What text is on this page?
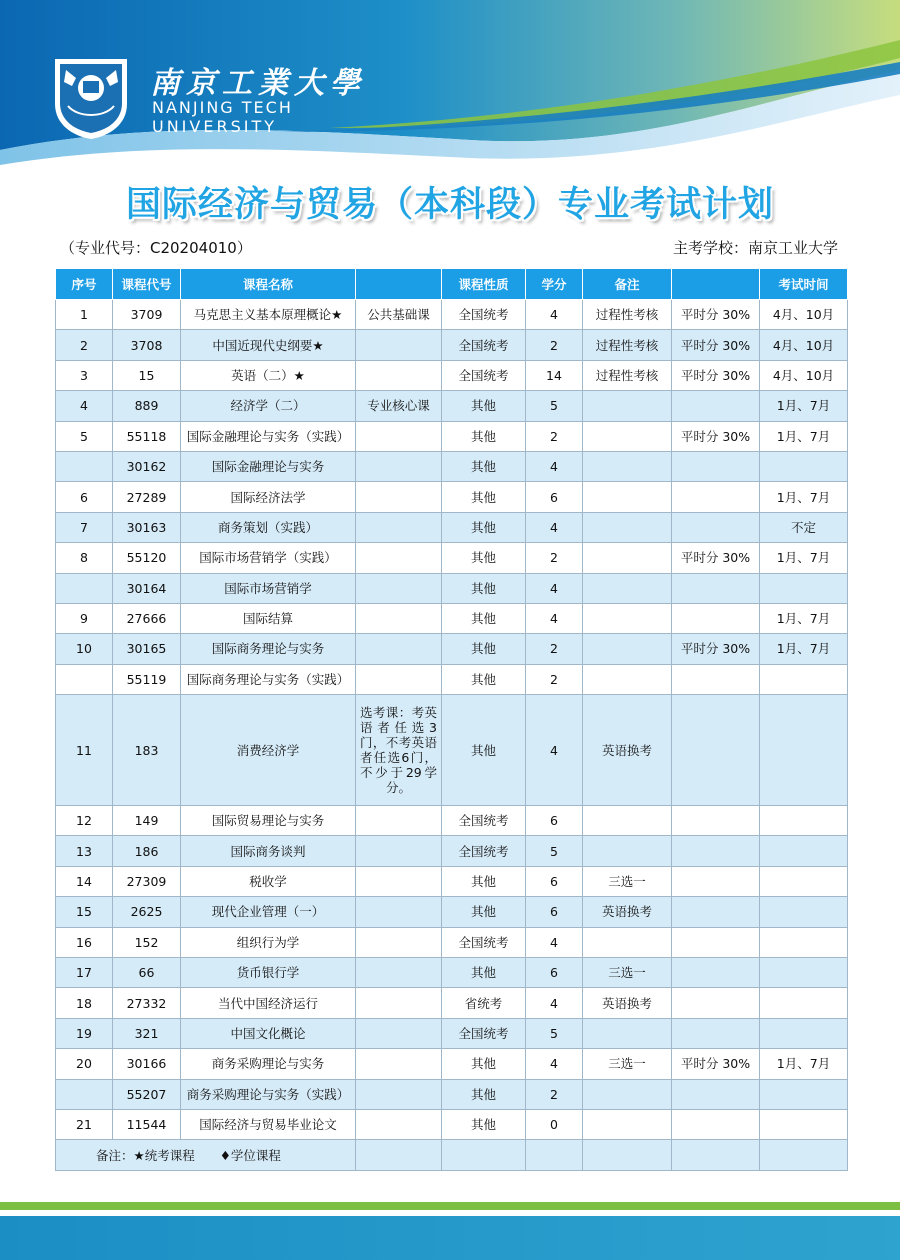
南京工業大學
NANJING TECH
UNIVERSITY
国际经济与贸易（本科段）专业考试计划
（专业代号：C20204010）	主考学校：南京工业大学
序号	课程代号	课程名称		课程性质	学分	备注		考试时间
1	3709	马克思主义基本原理概论★	公共基础课	全国统考	4	过程性考核	平时分 30%	4月、10月
2	3708	中国近现代史纲要★		全国统考	2	过程性考核	平时分 30%	4月、10月
3	15	英语（二）★		全国统考	14	过程性考核	平时分 30%	4月、10月
4	889	经济学（二）	专业核心课	其他	5			1月、7月
5	55118	国际金融理论与实务（实践）		其他	2		平时分 30%	1月、7月
	30162	国际金融理论与实务		其他	4			
6	27289	国际经济法学		其他	6			1月、7月
7	30163	商务策划（实践）		其他	4			不定
8	55120	国际市场营销学（实践）		其他	2		平时分 30%	1月、7月
	30164	国际市场营销学		其他	4			
9	27666	国际结算		其他	4			1月、7月
10	30165	国际商务理论与实务		其他	2		平时分 30%	1月、7月
	55119	国际商务理论与实务（实践）		其他	2			
11	183	消费经济学	选考课：考英语者任选3门，不考英语者任选6门，不少于29学分。	其他	4	英语换考		
12	149	国际贸易理论与实务		全国统考	6			
13	186	国际商务谈判		全国统考	5			
14	27309	税收学		其他	6	三选一		
15	2625	现代企业管理（一）		其他	6	英语换考		
16	152	组织行为学		全国统考	4			
17	66	货币银行学		其他	6	三选一		
18	27332	当代中国经济运行		省统考	4	英语换考		
19	321	中国文化概论		全国统考	5			
20	30166	商务采购理论与实务		其他	4	三选一	平时分 30%	1月、7月
	55207	商务采购理论与实务（实践）		其他	2			
21	11544	国际经济与贸易毕业论文		其他	0			
备注：★统考课程　　♦学位课程								
